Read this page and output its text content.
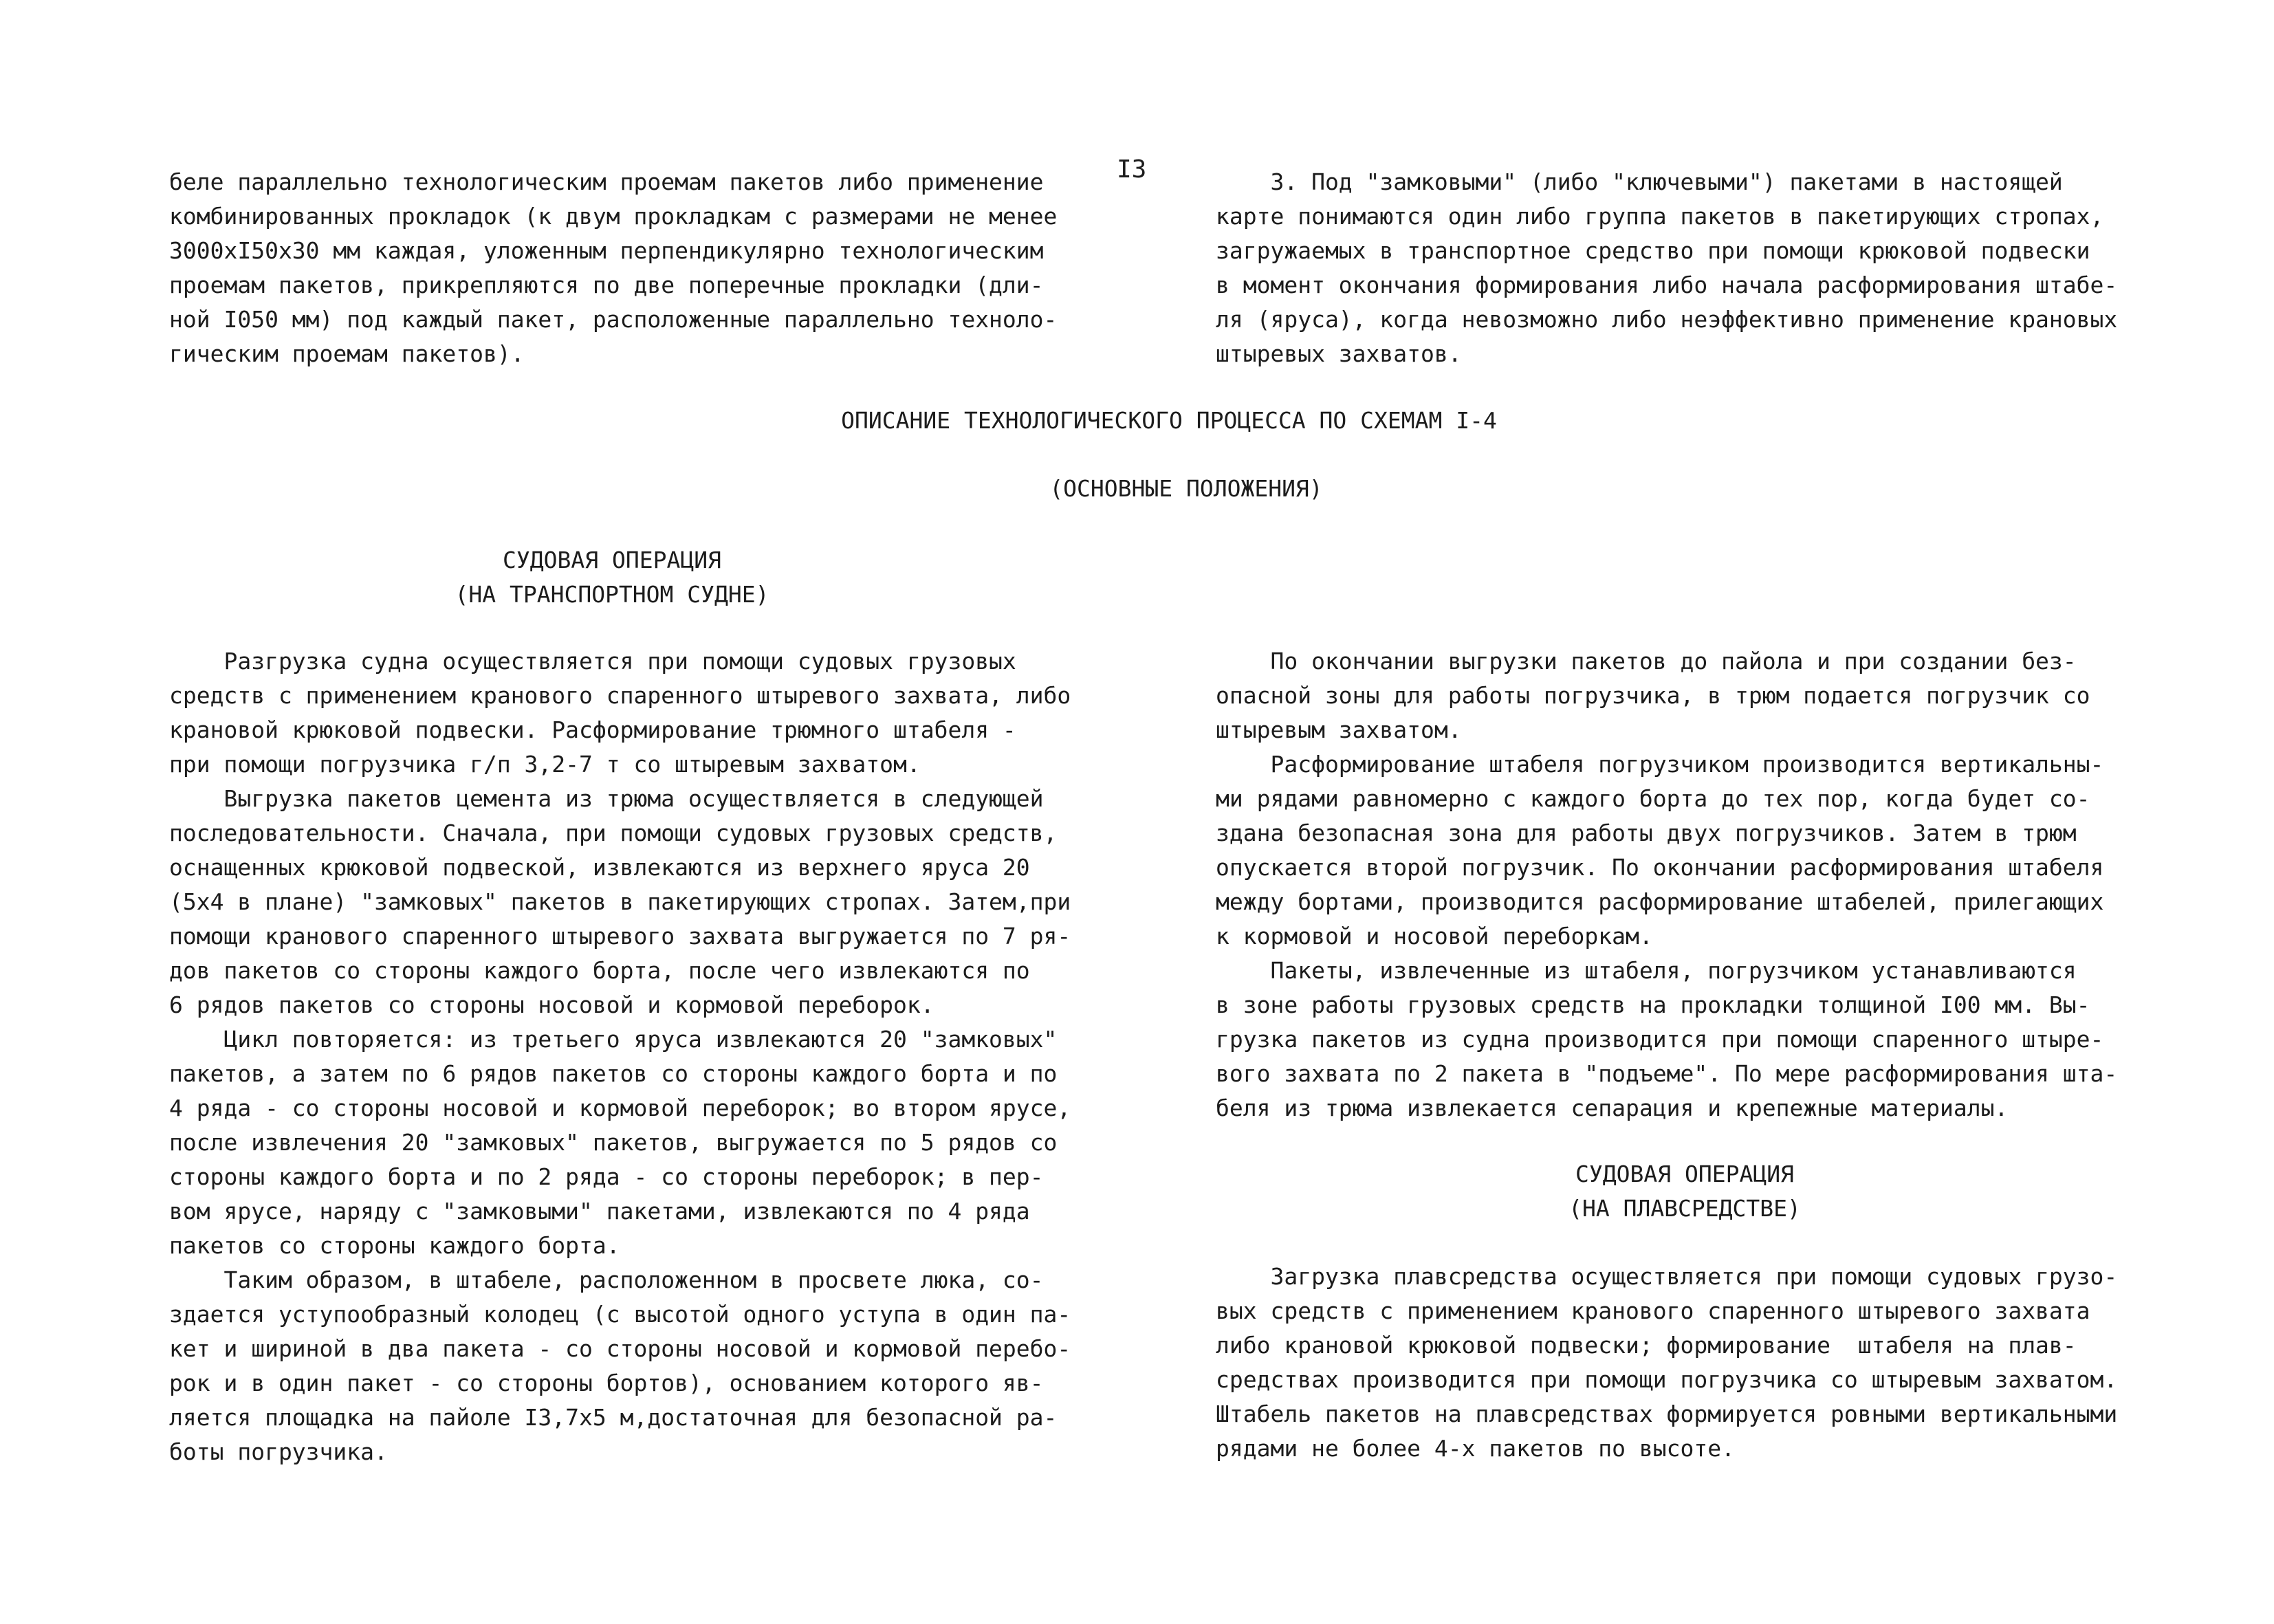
I3
беле параллельно технологическим проемам пакетов либо применение
комбинированных прокладок (к двум прокладкам с размерами не менее
3000хI50х30 мм каждая, уложенным перпендикулярно технологическим
проемам пакетов, прикрепляются по две поперечные прокладки (дли-
ной I050 мм) под каждый пакет, расположенные параллельно техноло-
гическим проемам пакетов).
3. Под "замковыми" (либо "ключевыми") пакетами в настоящей
карте понимаются один либо группа пакетов в пакетирующих стропах,
загружаемых в транспортное средство при помощи крюковой подвески
в момент окончания формирования либо начала расформирования штабе-
ля (яруса), когда невозможно либо неэффективно применение крановых
штыревых захватов.
ОПИСАНИЕ ТЕХНОЛОГИЧЕСКОГО ПРОЦЕССА ПО СХЕМАМ I-4
(ОСНОВНЫЕ ПОЛОЖЕНИЯ)
СУДОВАЯ ОПЕРАЦИЯ
(НА ТРАНСПОРТНОМ СУДНЕ)
Разгрузка судна осуществляется при помощи судовых грузовых
средств с применением кранового спаренного штыревого захвата, либо
крановой крюковой подвески. Расформирование трюмного штабеля -
при помощи погрузчика г/п 3,2-7 т со штыревым захватом.
Выгрузка пакетов цемента из трюма осуществляется в следующей
последовательности. Сначала, при помощи судовых грузовых средств,
оснащенных крюковой подвеской, извлекаются из верхнего яруса 20
(5х4 в плане) "замковых" пакетов в пакетирующих стропах. Затем,при
помощи кранового спаренного штыревого захвата выгружается по 7 ря-
дов пакетов со стороны каждого борта, после чего извлекаются по
6 рядов пакетов со стороны носовой и кормовой переборок.
Цикл повторяется: из третьего яруса извлекаются 20 "замковых"
пакетов, а затем по 6 рядов пакетов со стороны каждого борта и по
4 ряда - со стороны носовой и кормовой переборок; во втором ярусе,
после извлечения 20 "замковых" пакетов, выгружается по 5 рядов со
стороны каждого борта и по 2 ряда - со стороны переборок; в пер-
вом ярусе, наряду с "замковыми" пакетами, извлекаются по 4 ряда
пакетов со стороны каждого борта.
Таким образом, в штабеле, расположенном в просвете люка, со-
здается уступообразный колодец (с высотой одного уступа в один па-
кет и шириной в два пакета - со стороны носовой и кормовой перебо-
рок и в один пакет - со стороны бортов), основанием которого яв-
ляется площадка на пайоле I3,7х5 м,достаточная для безопасной ра-
боты погрузчика.
По окончании выгрузки пакетов до пайола и при создании без-
опасной зоны для работы погрузчика, в трюм подается погрузчик со
штыревым захватом.
Расформирование штабеля погрузчиком производится вертикальны-
ми рядами равномерно с каждого борта до тех пор, когда будет со-
здана безопасная зона для работы двух погрузчиков. Затем в трюм
опускается второй погрузчик. По окончании расформирования штабеля
между бортами, производится расформирование штабелей, прилегающих
к кормовой и носовой переборкам.
Пакеты, извлеченные из штабеля, погрузчиком устанавливаются
в зоне работы грузовых средств на прокладки толщиной I00 мм. Вы-
грузка пакетов из судна производится при помощи спаренного штыре-
вого захвата по 2 пакета в "подъеме". По мере расформирования шта-
беля из трюма извлекается сепарация и крепежные материалы.
СУДОВАЯ ОПЕРАЦИЯ
(НА ПЛАВСРЕДСТВЕ)
Загрузка плавсредства осуществляется при помощи судовых грузо-
вых средств с применением кранового спаренного штыревого захвата
либо крановой крюковой подвески; формирование  штабеля на плав-
средствах производится при помощи погрузчика со штыревым захватом.
Штабель пакетов на плавсредствах формируется ровными вертикальными
рядами не более 4-х пакетов по высоте.
